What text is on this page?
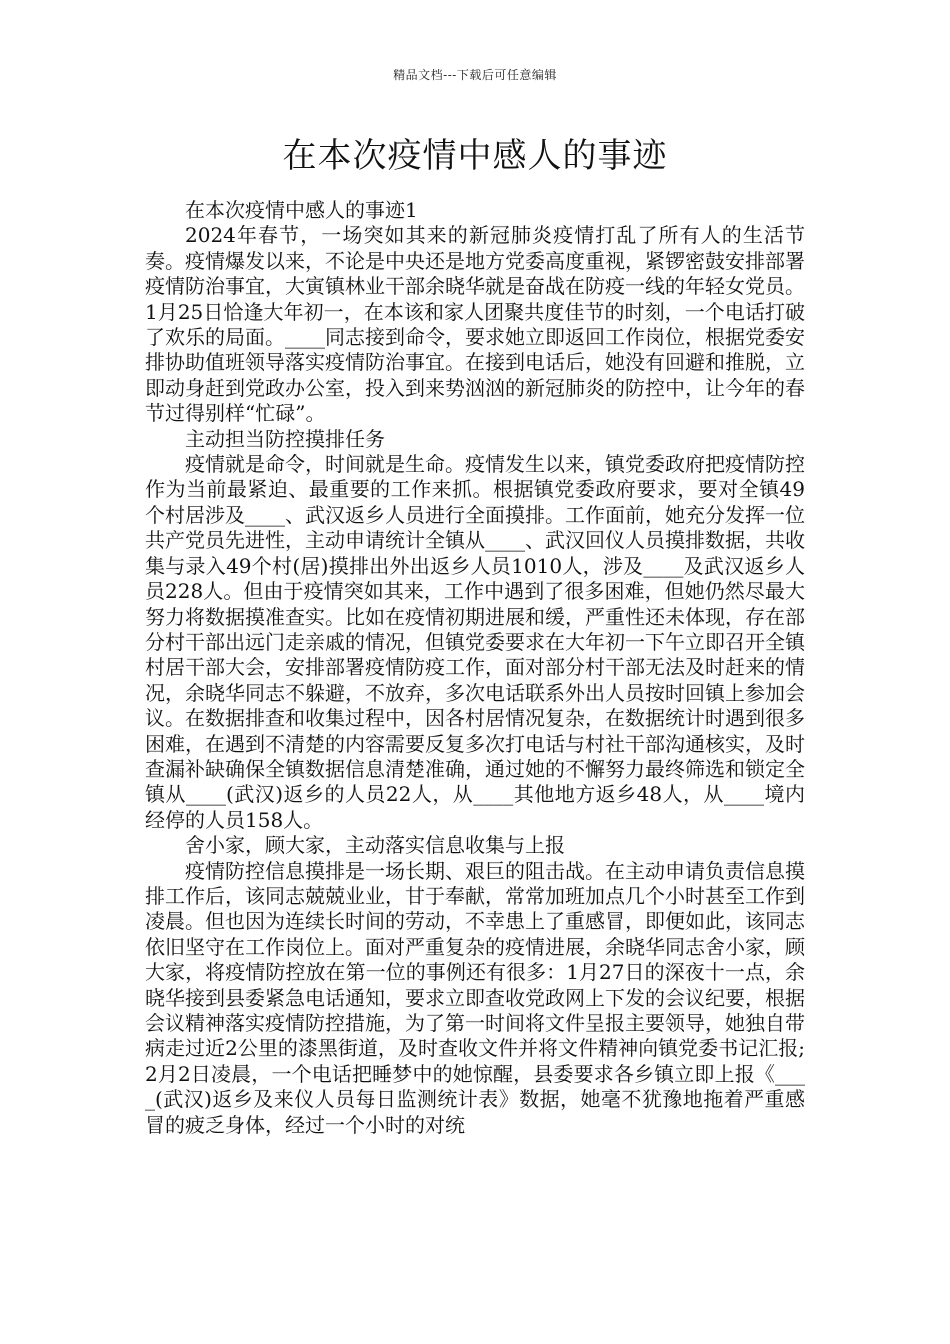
精品文档---下载后可任意编辑
在本次疫情中感人的事迹

在本次疫情中感人的事迹1

2024年春节，一场突如其来的新冠肺炎疫情打乱了所有人的生活节奏。疫情爆发以来，不论是中央还是地方党委高度重视，紧锣密鼓安排部署疫情防治事宜，大寅镇林业干部余晓华就是奋战在防疫一线的年轻女党员。1月25日恰逢大年初一，在本该和家人团聚共度佳节的时刻，一个电话打破了欢乐的局面。____同志接到命令，要求她立即返回工作岗位，根据党委安排协助值班领导落实疫情防治事宜。在接到电话后，她没有回避和推脱，立即动身赶到党政办公室，投入到来势汹汹的新冠肺炎的防控中，让今年的春节过得别样“忙碌”。

主动担当防控摸排任务

疫情就是命令，时间就是生命。疫情发生以来，镇党委政府把疫情防控作为当前最紧迫、最重要的工作来抓。根据镇党委政府要求，要对全镇49个村居涉及____、武汉返乡人员进行全面摸排。工作面前，她充分发挥一位共产党员先进性，主动申请统计全镇从____、武汉回仪人员摸排数据，共收集与录入49个村(居)摸排出外出返乡人员1010人，涉及____及武汉返乡人员228人。但由于疫情突如其来，工作中遇到了很多困难，但她仍然尽最大努力将数据摸准查实。比如在疫情初期进展和缓，严重性还未体现，存在部分村干部出远门走亲戚的情况，但镇党委要求在大年初一下午立即召开全镇村居干部大会，安排部署疫情防疫工作，面对部分村干部无法及时赶来的情况，余晓华同志不躲避，不放弃，多次电话联系外出人员按时回镇上参加会议。在数据排查和收集过程中，因各村居情况复杂，在数据统计时遇到很多困难，在遇到不清楚的内容需要反复多次打电话与村社干部沟通核实，及时查漏补缺确保全镇数据信息清楚准确，通过她的不懈努力最终筛选和锁定全镇从____(武汉)返乡的人员22人，从____其他地方返乡48人，从____境内经停的人员158人。

舍小家，顾大家，主动落实信息收集与上报

疫情防控信息摸排是一场长期、艰巨的阻击战。在主动申请负责信息摸排工作后，该同志兢兢业业，甘于奉献，常常加班加点几个小时甚至工作到凌晨。但也因为连续长时间的劳动，不幸患上了重感冒，即便如此，该同志依旧坚守在工作岗位上。面对严重复杂的疫情进展，余晓华同志舍小家，顾大家，将疫情防控放在第一位的事例还有很多：1月27日的深夜十一点，余晓华接到县委紧急电话通知，要求立即查收党政网上下发的会议纪要，根据会议精神落实疫情防控措施，为了第一时间将文件呈报主要领导，她独自带病走过近2公里的漆黑街道，及时查收文件并将文件精神向镇党委书记汇报;2月2日凌晨，一个电话把睡梦中的她惊醒，县委要求各乡镇立即上报《____(武汉)返乡及来仪人员每日监测统计表》数据，她毫不犹豫地拖着严重感冒的疲乏身体，经过一个小时的对统
